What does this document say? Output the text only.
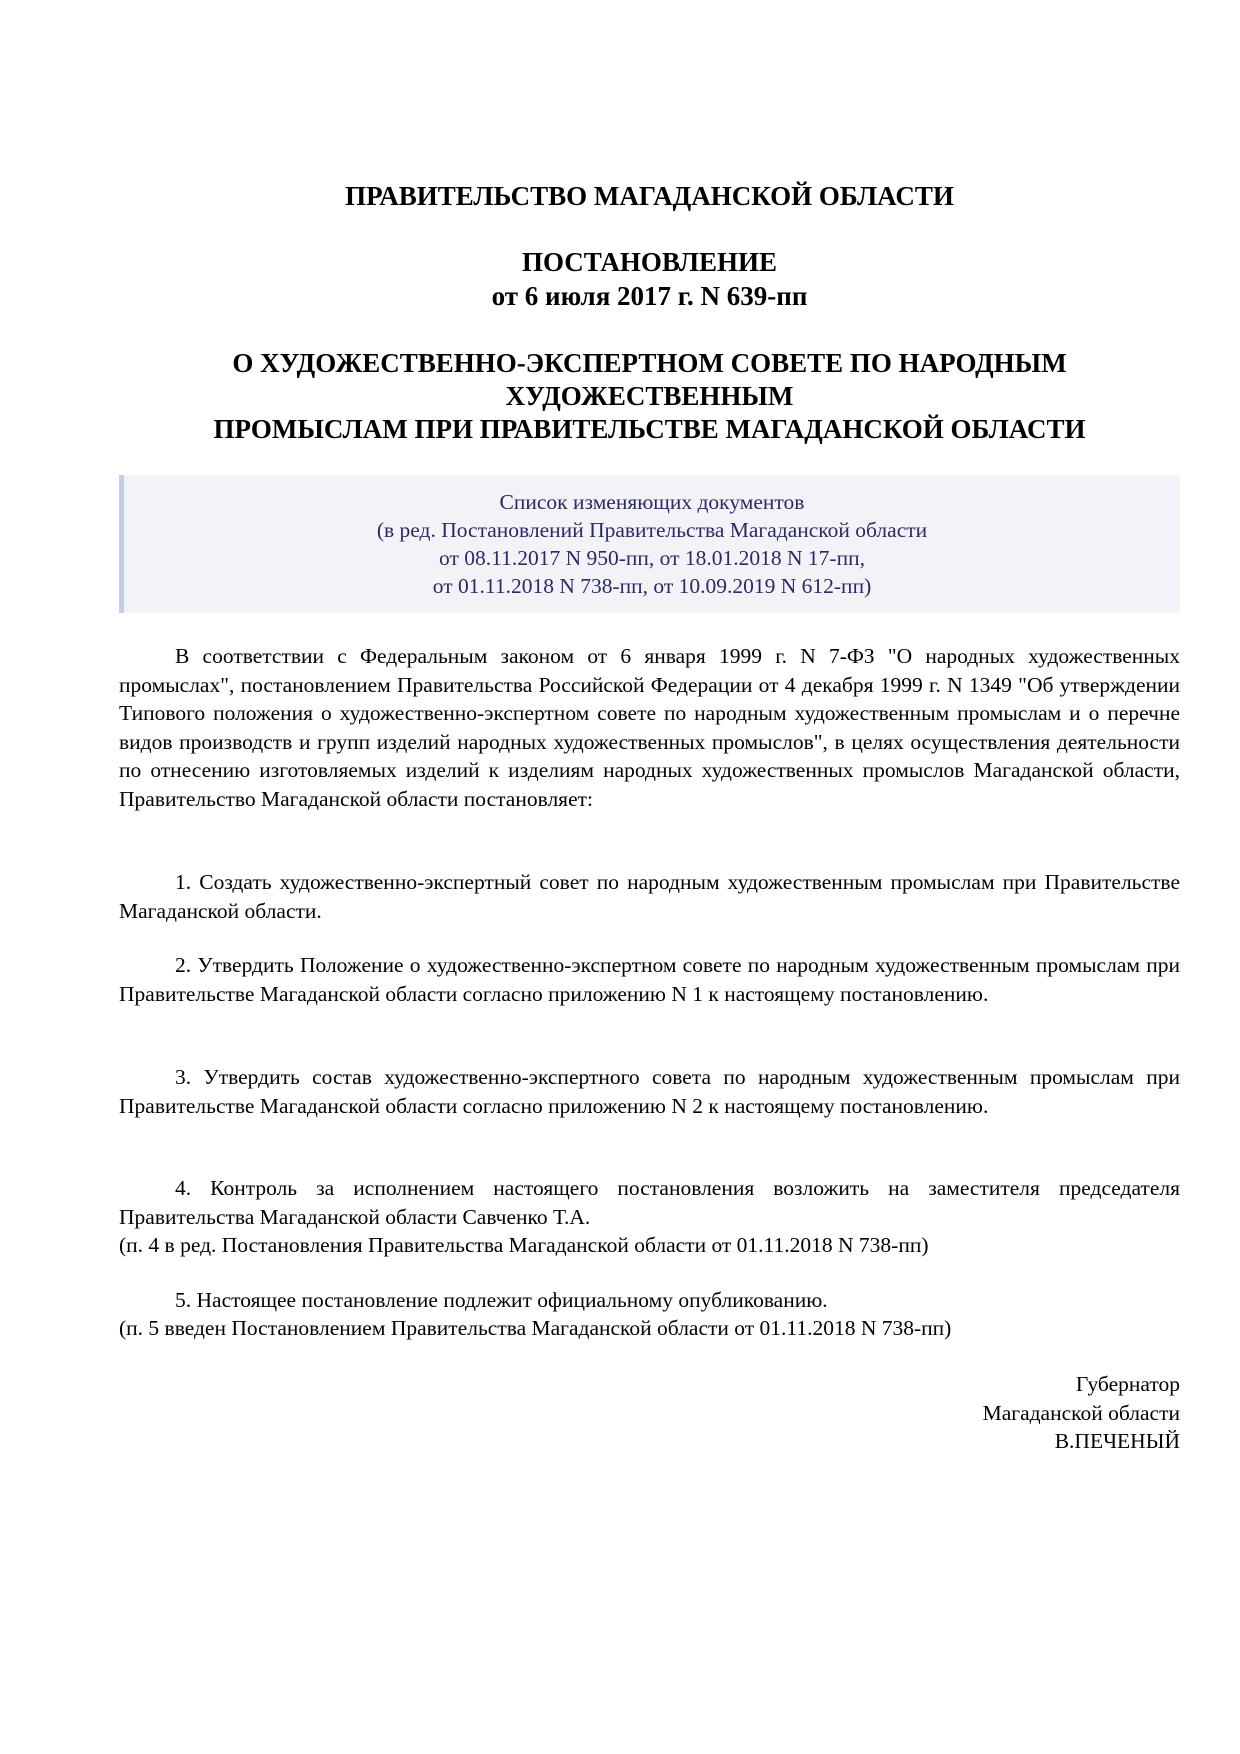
ПРАВИТЕЛЬСТВО МАГАДАНСКОЙ ОБЛАСТИ
ПОСТАНОВЛЕНИЕ
от 6 июля 2017 г. N 639-пп
О ХУДОЖЕСТВЕННО-ЭКСПЕРТНОМ СОВЕТЕ ПО НАРОДНЫМ
ХУДОЖЕСТВЕННЫМ
ПРОМЫСЛАМ ПРИ ПРАВИТЕЛЬСТВЕ МАГАДАНСКОЙ ОБЛАСТИ
Список изменяющих документов
(в ред. Постановлений Правительства Магаданской области
от 08.11.2017 N 950-пп, от 18.01.2018 N 17-пп,
от 01.11.2018 N 738-пп, от 10.09.2019 N 612-пп)
В соответствии с Федеральным законом от 6 января 1999 г. N 7-ФЗ "О народных художественных промыслах", постановлением Правительства Российской Федерации от 4 декабря 1999 г. N 1349 "Об утверждении Типового положения о художественно-экспертном совете по народным художественным промыслам и о перечне видов производств и групп изделий народных художественных промыслов", в целях осуществления деятельности по отнесению изготовляемых изделий к изделиям народных художественных промыслов Магаданской области, Правительство Магаданской области постановляет:
1. Создать художественно-экспертный совет по народным художественным промыслам при Правительстве Магаданской области.
2. Утвердить Положение о художественно-экспертном совете по народным художественным промыслам при Правительстве Магаданской области согласно приложению N 1 к настоящему постановлению.
3. Утвердить состав художественно-экспертного совета по народным художественным промыслам при Правительстве Магаданской области согласно приложению N 2 к настоящему постановлению.
4. Контроль за исполнением настоящего постановления возложить на заместителя председателя Правительства Магаданской области Савченко Т.А.
(п. 4 в ред. Постановления Правительства Магаданской области от 01.11.2018 N 738-пп)
5. Настоящее постановление подлежит официальному опубликованию.
(п. 5 введен Постановлением Правительства Магаданской области от 01.11.2018 N 738-пп)
Губернатор
Магаданской области
В.ПЕЧЕНЫЙ
